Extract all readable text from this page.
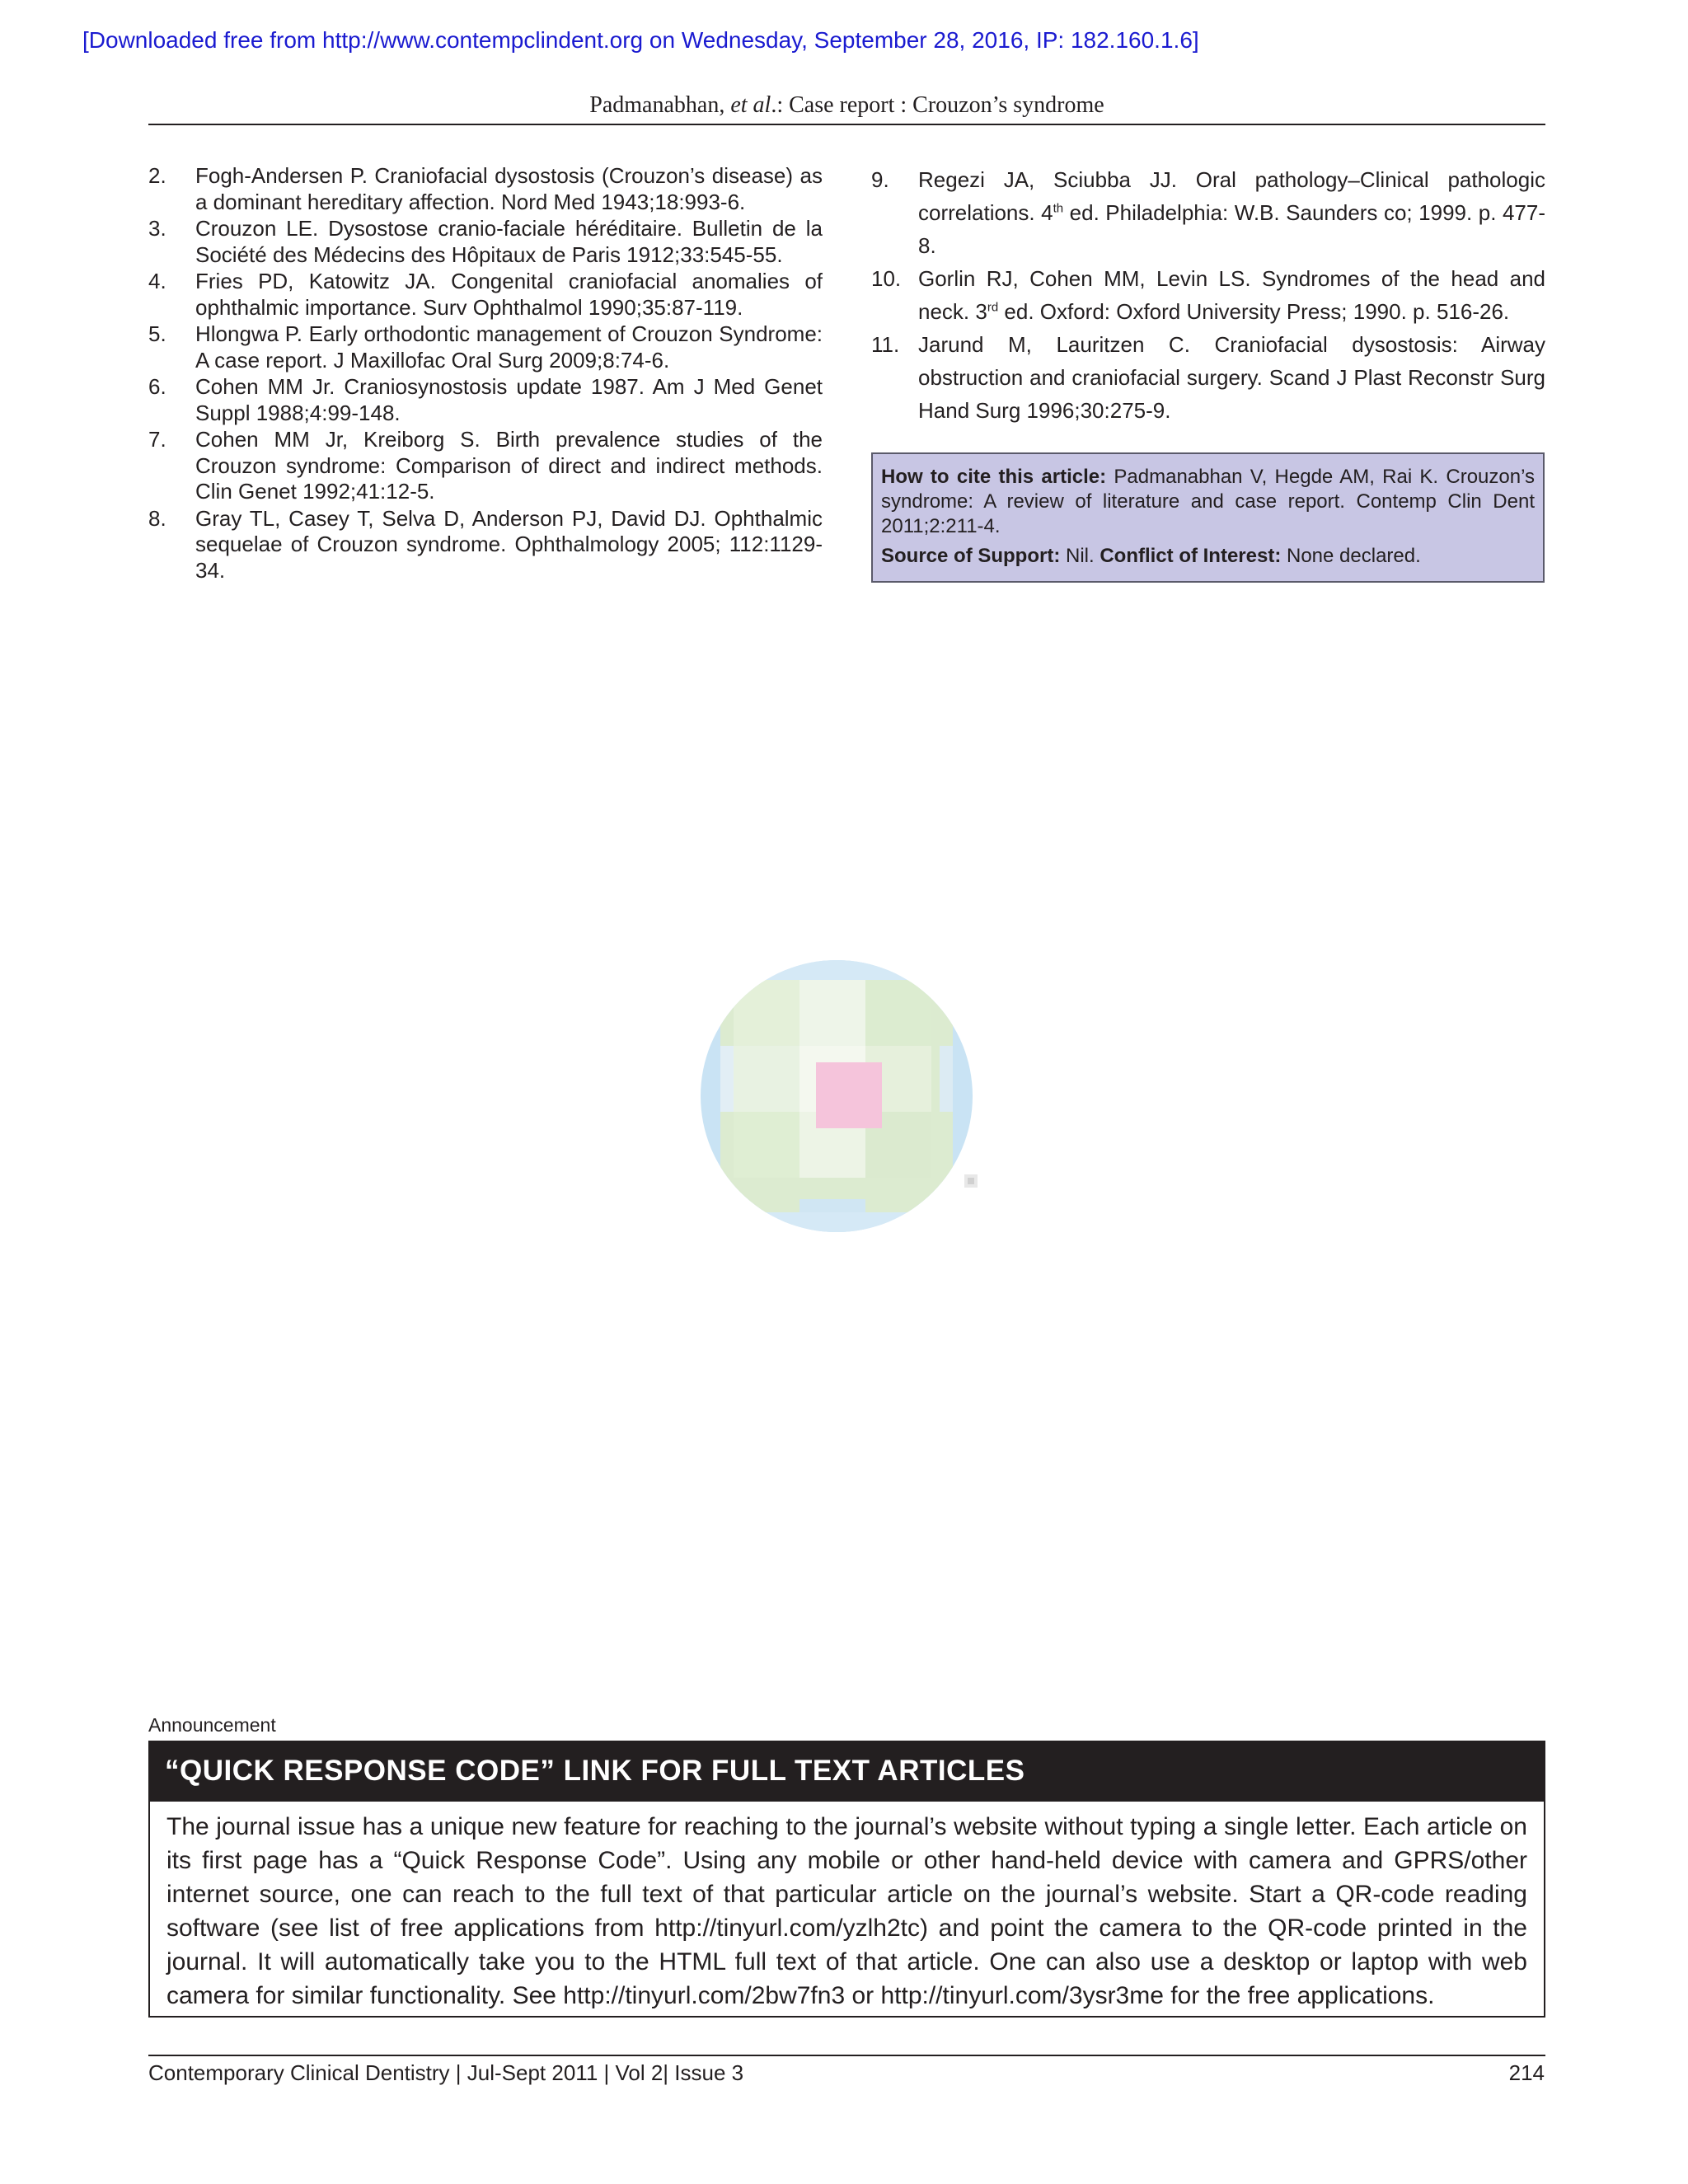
[Downloaded free from http://www.contempclindent.org on Wednesday, September 28, 2016, IP: 182.160.1.6]
Padmanabhan, et al.: Case report : Crouzon’s syndrome
2. Fogh-Andersen P. Craniofacial dysostosis (Crouzon’s disease) as a dominant hereditary affection. Nord Med 1943;18:993-6.
3. Crouzon LE. Dysostose cranio-faciale héréditaire. Bulletin de la Société des Médecins des Hôpitaux de Paris 1912;33:545-55.
4. Fries PD, Katowitz JA. Congenital craniofacial anomalies of ophthalmic importance. Surv Ophthalmol 1990;35:87-119.
5. Hlongwa P. Early orthodontic management of Crouzon Syndrome: A case report. J Maxillofac Oral Surg 2009;8:74-6.
6. Cohen MM Jr. Craniosynostosis update 1987. Am J Med Genet Suppl 1988;4:99-148.
7. Cohen MM Jr, Kreiborg S. Birth prevalence studies of the Crouzon syndrome: Comparison of direct and indirect methods. Clin Genet 1992;41:12-5.
8. Gray TL, Casey T, Selva D, Anderson PJ, David DJ. Ophthalmic sequelae of Crouzon syndrome. Ophthalmology 2005; 112:1129-34.
9. Regezi JA, Sciubba JJ. Oral pathology–Clinical pathologic correlations. 4th ed. Philadelphia: W.B. Saunders co; 1999. p. 477-8.
10. Gorlin RJ, Cohen MM, Levin LS. Syndromes of the head and neck. 3rd ed. Oxford: Oxford University Press; 1990. p. 516-26.
11. Jarund M, Lauritzen C. Craniofacial dysostosis: Airway obstruction and craniofacial surgery. Scand J Plast Reconstr Surg Hand Surg 1996;30:275-9.

How to cite this article: Padmanabhan V, Hegde AM, Rai K. Crouzon’s syndrome: A review of literature and case report. Contemp Clin Dent 2011;2:211-4.

Source of Support: Nil. Conflict of Interest: None declared.

Announcement
“QUICK RESPONSE CODE” LINK FOR FULL TEXT ARTICLES
The journal issue has a unique new feature for reaching to the journal’s website without typing a single letter. Each article on its first page has a “Quick Response Code”. Using any mobile or other hand-held device with camera and GPRS/other internet source, one can reach to the full text of that particular article on the journal’s website. Start a QR-code reading software (see list of free applications from http://tinyurl.com/yzlh2tc) and point the camera to the QR-code printed in the journal. It will automatically take you to the HTML full text of that article. One can also use a desktop or laptop with web camera for similar functionality. See http://tinyurl.com/2bw7fn3 or http://tinyurl.com/3ysr3me for the free applications.
Contemporary Clinical Dentistry | Jul-Sept 2011 | Vol 2| Issue 3	214
